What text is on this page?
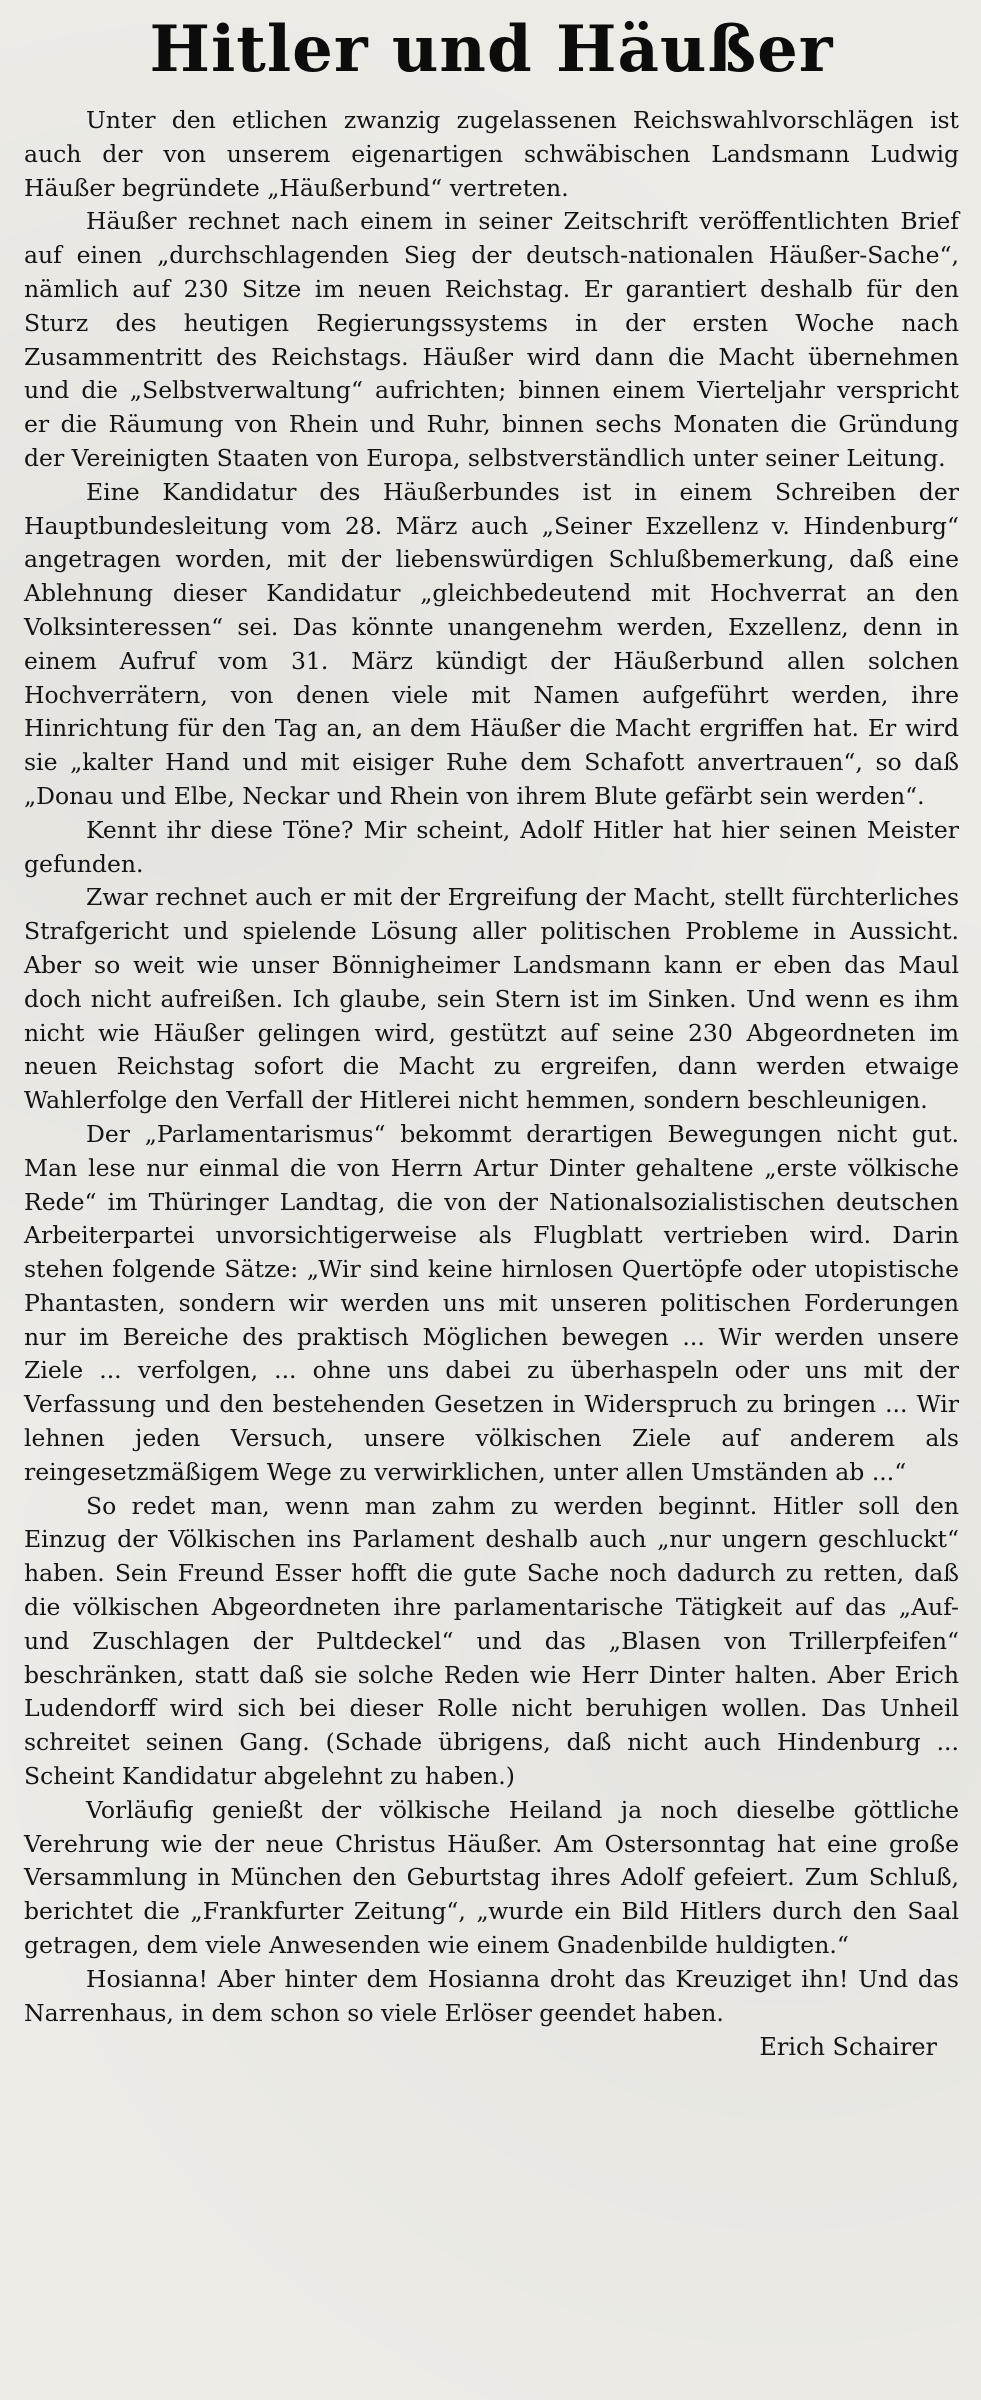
Hitler und Häußer

Unter den etlichen zwanzig zugelassenen Reichswahlvorschlägen ist auch der von unserem eigenartigen schwäbischen Landsmann Ludwig Häußer begründete „Häußerbund“ vertreten.

Häußer rechnet nach einem in seiner Zeitschrift veröffentlichten Brief auf einen „durchschlagenden Sieg der deutsch-nationalen Häußer-Sache“, nämlich auf 230 Sitze im neuen Reichstag. Er garantiert deshalb für den Sturz des heutigen Regierungssystems in der ersten Woche nach Zusammentritt des Reichstags. Häußer wird dann die Macht übernehmen und die „Selbstverwaltung“ aufrichten; binnen einem Vierteljahr verspricht er die Räumung von Rhein und Ruhr, binnen sechs Monaten die Gründung der Vereinigten Staaten von Europa, selbstverständlich unter seiner Leitung.

Eine Kandidatur des Häußerbundes ist in einem Schreiben der Hauptbundesleitung vom 28. März auch „Seiner Exzellenz v. Hindenburg“ angetragen worden, mit der liebenswürdigen Schlußbemerkung, daß eine Ablehnung dieser Kandidatur „gleichbedeutend mit Hochverrat an den Volksinteressen“ sei. Das könnte unangenehm werden, Exzellenz, denn in einem Aufruf vom 31. März kündigt der Häußerbund allen solchen Hochverrätern, von denen viele mit Namen aufgeführt werden, ihre Hinrichtung für den Tag an, an dem Häußer die Macht ergriffen hat. Er wird sie „kalter Hand und mit eisiger Ruhe dem Schafott anvertrauen“, so daß „Donau und Elbe, Neckar und Rhein von ihrem Blute gefärbt sein werden“.

Kennt ihr diese Töne? Mir scheint, Adolf Hitler hat hier seinen Meister gefunden.

Zwar rechnet auch er mit der Ergreifung der Macht, stellt fürchterliches Strafgericht und spielende Lösung aller politischen Probleme in Aussicht. Aber so weit wie unser Bönnigheimer Landsmann kann er eben das Maul doch nicht aufreißen. Ich glaube, sein Stern ist im Sinken. Und wenn es ihm nicht wie Häußer gelingen wird, gestützt auf seine 230 Abgeordneten im neuen Reichstag sofort die Macht zu ergreifen, dann werden etwaige Wahlerfolge den Verfall der Hitlerei nicht hemmen, sondern beschleunigen.

Der „Parlamentarismus“ bekommt derartigen Bewegungen nicht gut. Man lese nur einmal die von Herrn Artur Dinter gehaltene „erste völkische Rede“ im Thüringer Landtag, die von der Nationalsozialistischen deutschen Arbeiterpartei unvorsichtigerweise als Flugblatt vertrieben wird. Darin stehen folgende Sätze: „Wir sind keine hirnlosen Quertöpfe oder utopistische Phantasten, sondern wir werden uns mit unseren politischen Forderungen nur im Bereiche des praktisch Möglichen bewegen ... Wir werden unsere Ziele ... verfolgen, ... ohne uns dabei zu überhaspeln oder uns mit der Verfassung und den bestehenden Gesetzen in Widerspruch zu bringen ... Wir lehnen jeden Versuch, unsere völkischen Ziele auf anderem als reingesetzmäßigem Wege zu verwirklichen, unter allen Umständen ab ...“

So redet man, wenn man zahm zu werden beginnt. Hitler soll den Einzug der Völkischen ins Parlament deshalb auch „nur ungern geschluckt“ haben. Sein Freund Esser hofft die gute Sache noch dadurch zu retten, daß die völkischen Abgeordneten ihre parlamentarische Tätigkeit auf das „Auf- und Zuschlagen der Pultdeckel“ und das „Blasen von Trillerpfeifen“ beschränken, statt daß sie solche Reden wie Herr Dinter halten. Aber Erich Ludendorff wird sich bei dieser Rolle nicht beruhigen wollen. Das Unheil schreitet seinen Gang. (Schade übrigens, daß nicht auch Hindenburg ... Scheint Kandidatur abgelehnt zu haben.)

Vorläufig genießt der völkische Heiland ja noch dieselbe göttliche Verehrung wie der neue Christus Häußer. Am Ostersonntag hat eine große Versammlung in München den Geburtstag ihres Adolf gefeiert. Zum Schluß, berichtet die „Frankfurter Zeitung“, „wurde ein Bild Hitlers durch den Saal getragen, dem viele Anwesenden wie einem Gnadenbilde huldigten.“

Hosianna! Aber hinter dem Hosianna droht das Kreuziget ihn! Und das Narrenhaus, in dem schon so viele Erlöser geendet haben.

Erich Schairer
